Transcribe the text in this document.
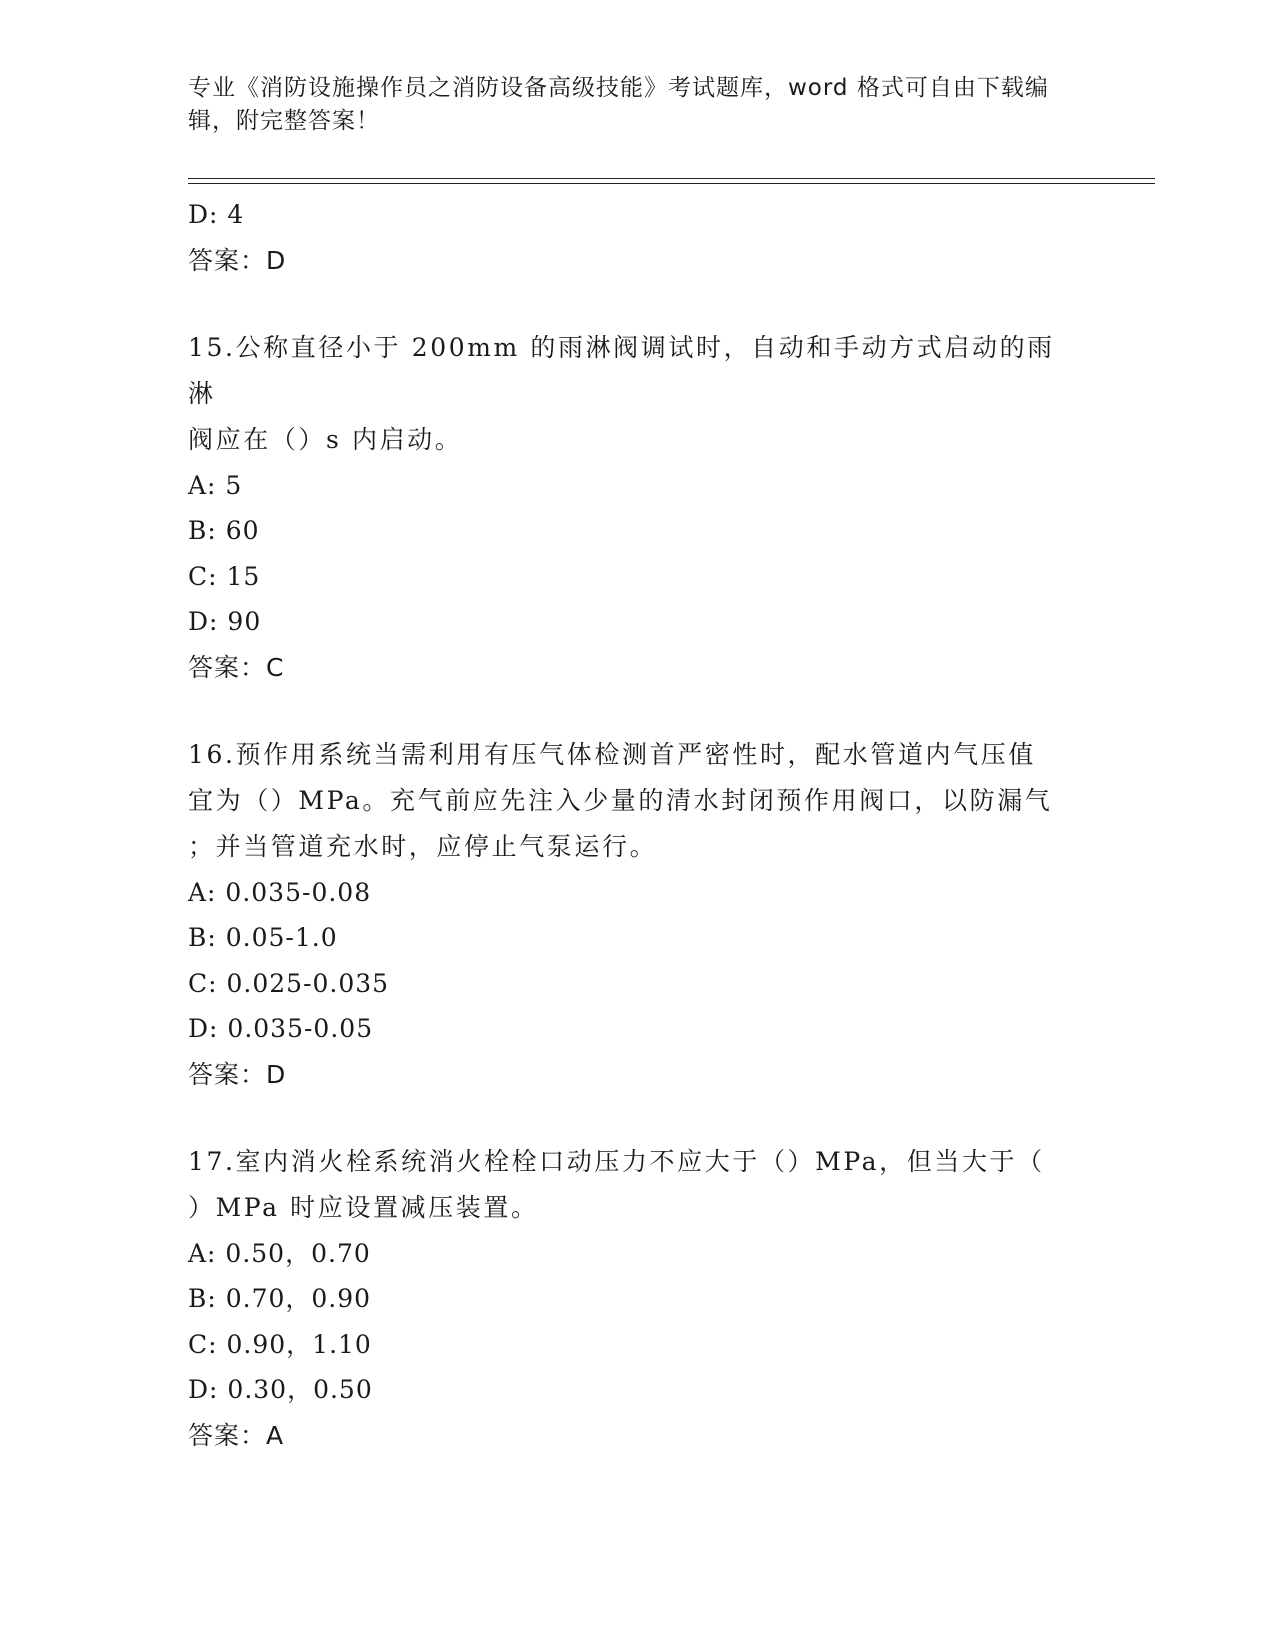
专业《消防设施操作员之消防设备高级技能》考试题库，word 格式可自由下载编
辑，附完整答案！
D: 4
答案：D
15.公称直径小于 200mm 的雨淋阀调试时，自动和手动方式启动的雨淋
阀应在（）s 内启动。
A: 5
B: 60
C: 15
D: 90
答案：C
16.预作用系统当需利用有压气体检测首严密性时，配水管道内气压值
宜为（）MPa。充气前应先注入少量的清水封闭预作用阀口，以防漏气
；并当管道充水时，应停止气泵运行。
A: 0.035-0.08
B: 0.05-1.0
C: 0.025-0.035
D: 0.035-0.05
答案：D
17.室内消火栓系统消火栓栓口动压力不应大于（）MPa，但当大于（
）MPa 时应设置减压装置。
A: 0.50，0.70
B: 0.70，0.90
C: 0.90，1.10
D: 0.30，0.50
答案：A
